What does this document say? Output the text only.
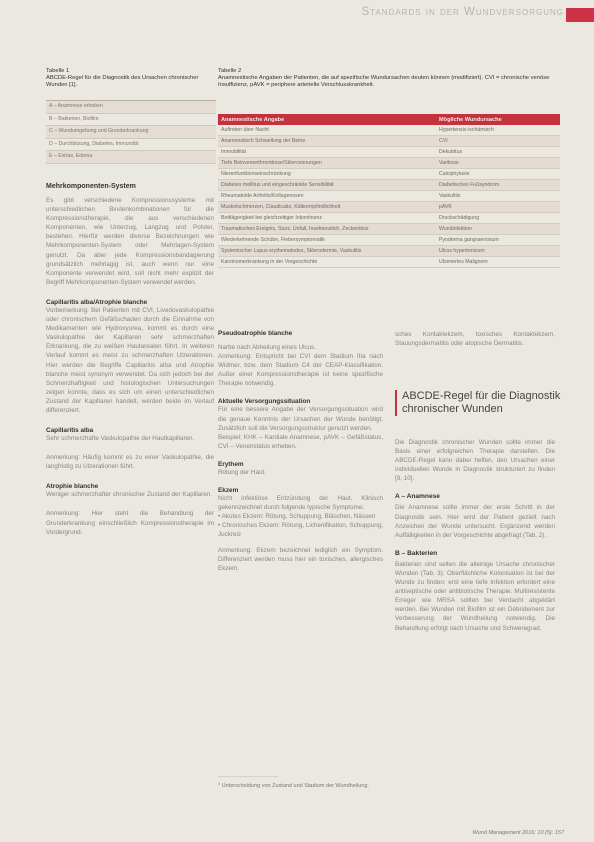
Standards in der Wundversorgung
Tabelle 1
ABCDE-Regel für die Diagnostik des Ursachen chronischer Wunden [1].
A – Anamnese erheben
B – Bakterien, Biofilm
C – Wundumgebung und Grunderkrankung
D – Durchblutung, Diabetes, Immunität
E – Extras, Edema
Tabelle 2
Anamnestische Angaben der Patienten, die auf spezifische Wundursachen deuten können (modifiziert). CVI = chronische venöse Insuffizienz, pAVK = periphere arterielle Verschlusskrankheit.
Anamnestische Angabe	Mögliche Wundursache
Auftreten über Nacht	Hypertensiv-ischämisch
Anamnestisch Schwellung der Beine	CVI
Immobilität	Dekubitus
Tiefe Beinvenenthrombose/Sklerosierungen	Varikose
Nierenfunktionseinschränkung	Calciphylaxie
Diabetes mellitus und eingeschränkte Sensibilität	Diabetisches Fußsyndrom
Rheumatoide Arthritis/Kollagenosen	Vaskulitis
Muskelschmerzen, Claudicatio, Kälteempfindlichkeit	pAVK
Bettlägerigkeit bei gleichzeitiger Inkontinenz	Druckschädigung
Traumatisches Ereignis, Sturz, Unfall, Insektenstich, Zeckenbiss	Wundinfektion
Wiederkehrende Schübe, Fiebersymptomatik	Pyoderma gangraenosum
Systemischer Lupus erythematodes, Sklerodermie, Vaskulitis	Ulcus hypertonicum
Karzinomerkrankung in der Vorgeschichte	Ulzeriertes Malignom
Mehrkomponenten-System
Es gibt verschiedene Kompressionssysteme mit unterschiedlichen Bindenkombinationen für die Kompressionstherapie, die aus verschiedenen Komponenten, wie Unterzug, Langzug und Polster, bestehen. Hierfür werden diverse Bezeichnungen wie Mehrkomponenten-System oder Mehrlagen-System genutzt. Da aber jede Kompressionsbandagierung grundsätzlich mehrlagig ist, auch wenn nur eine Komponente verwendet wird, soll nicht mehr explizit der Begriff Mehrkomponenten-System verwendet werden.
Capillaritis alba/Atrophie blanche
Vorbemerkung: Bei Patienten mit CVI, Livedovaskulopathie oder chronischem Gefäßschaden durch die Einnahme von Medikamenten wie Hydroxyurea, kommt es durch eine Vaskulopathie der Kapillaren sehr schmerzhaften Erkrankung, die zu weißen Hautarealen führt. In weiteren Verlauf kommt es meist zu schmerzhaften Ulzerationen. Hier werden die Begriffe Capillaritis alba und Atrophie blanche meist synonym verwendet. Da sich jedoch bei der Schmerzhaftigkeit und histologischen Untersuchungen zeigen konnte, dass es sich um einen unterschiedlichen Zustand der Kapillaren handelt, werden beide im Verlauf differenziert.
Capillaritis alba
Sehr schmerzhafte Vaskulopathie der Hautkapillaren.
Anmerkung: Häufig kommt es zu einer Vaskulopathie, die langfristig zu Ulzerationen führt.
Atrophie blanche
Weniger schmerzhafter chronischer Zustand der Kapillaren.
Anmerkung: Hier steht die Behandlung der Grunderkrankung einschließlich Kompressionstherapie im Vordergrund.
Pseudoatrophie blanche
Narbe nach Abheilung eines Ulcus.
Anmerkung: Entspricht bei CVI dem Stadium IIIa nach Widmer, bzw. dem Stadium C4 der CEAP-Klassifikation. Außer einer Kompressionstherapie ist keine spezifische Therapie notwendig.
Aktuelle Versorgungssituation
Für eine bessere Angabe der Versorgungssituation wird die genaue Kenntnis der Ursachen der Wunde benötigt. Zusätzlich soll die Versorgungsstruktur genutzt werden.
Beispiel: KHK – Kardiale Anamnese, pAVK – Gefäßstatus, CVI – Venenstatus erheben.
Erythem
Rötung der Haut.
Ekzem
Nicht infektiöse Entzündung der Haut. Klinisch gekennzeichnet durch folgende typische Symptome:
• Akutes Ekzem: Rötung, Schuppung, Bläschen, Nässen
• Chronisches Ekzem: Rötung, Lichenifikation, Schuppung, Juckreiz
Anmerkung: Ekzem bezeichnet lediglich ein Symptom. Differenziert werden muss hier ein toxisches, allergisches Ekzem.
* Unterscheidung von Zustand und Stadium der Wundheilung.
sches Kontaktekzem, toxisches Kontaktekzem, Stauungsdermatitis oder atopische Dermatitis.
ABCDE-Regel für die Diagnostik chronischer Wunden
Die Diagnostik chronischer Wunden sollte immer die Basis einer erfolgreichen Therapie darstellen. Die ABCDE-Regel kann dabei helfen, den Ursachen einer individuellen Wunde in Diagnostik strukturiert zu finden [9, 10].
A – Anamnese
Die Anamnese sollte immer der erste Schritt in der Diagnostik sein. Hier wird der Patient gezielt nach Anzeichen der Wunde untersucht. Ergänzend werden Auffälligkeiten in der Vorgeschichte abgefragt (Tab. 2).
B – Bakterien
Bakterien sind selten die alleinige Ursache chronischer Wunden (Tab. 3). Oberflächliche Kolonisation ist bei der Wunde zu finden; erst eine tiefe Infektion erfordert eine antiseptische oder antibiotische Therapie. Multiresistente Erreger wie MRSA sollten bei Verdacht abgeklärt werden. Bei Wunden mit Biofilm ist ein Débridement zur Verbesserung der Wundheilung notwendig. Die Behandlung erfolgt nach Ursache und Schweregrad.
Wund Management 2016; 10 (5): 157
